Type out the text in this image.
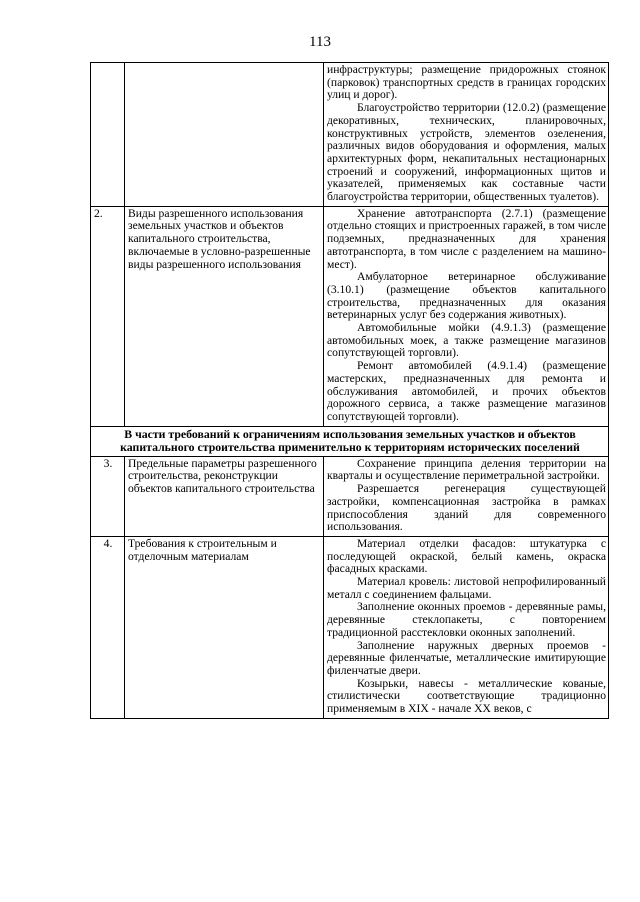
113

		инфраструктуры; размещение придорожных стоянок (парковок) транспортных средств в границах городских улиц и дорог).

Благоустройство территории (12.0.2) (размещение декоративных, технических, планировочных, конструктивных устройств, элементов озеленения, различных видов оборудования и оформления, малых архитектурных форм, некапитальных нестационарных строений и сооружений, информационных щитов и указателей, применяемых как составные части благоустройства территории, общественных туалетов).

2.	Виды разрешенного использования земельных участков и объектов капитального строительства, включаемые в условно-разрешенные виды разрешенного использования	Хранение автотранспорта (2.7.1) (размещение отдельно стоящих и пристроенных гаражей, в том числе подземных, предназначенных для хранения автотранспорта, в том числе с разделением на машино-мест).

Амбулаторное ветеринарное обслуживание (3.10.1) (размещение объектов капитального строительства, предназначенных для оказания ветеринарных услуг без содержания животных).

Автомобильные мойки (4.9.1.3) (размещение автомобильных моек, а также размещение магазинов сопутствующей торговли).

Ремонт автомобилей (4.9.1.4) (размещение мастерских, предназначенных для ремонта и обслуживания автомобилей, и прочих объектов дорожного сервиса, а также размещение магазинов сопутствующей торговли).

В части требований к ограничениям использования земельных участков и объектов капитального строительства применительно к территориям исторических поселений		
3.	Предельные параметры разрешенного строительства, реконструкции объектов капитального строительства	Сохранение принципа деления территории на кварталы и осуществление периметральной застройки.

Разрешается регенерация существующей застройки, компенсационная застройка в рамках приспособления зданий для современного использования.

4.	Требования к строительным и отделочным материалам	Материал отделки фасадов: штукатурка с последующей окраской, белый камень, окраска фасадных красками.

Материал кровель: листовой непрофилированный металл с соединением фальцами.

Заполнение оконных проемов - деревянные рамы, деревянные стеклопакеты, с повторением традиционной расстекловки оконных заполнений.

Заполнение наружных дверных проемов - деревянные филенчатые, металлические имитирующие филенчатые двери.

Козырьки, навесы - металлические кованые, стилистически соответствующие традиционно применяемым в XIX - начале XX веков, с
